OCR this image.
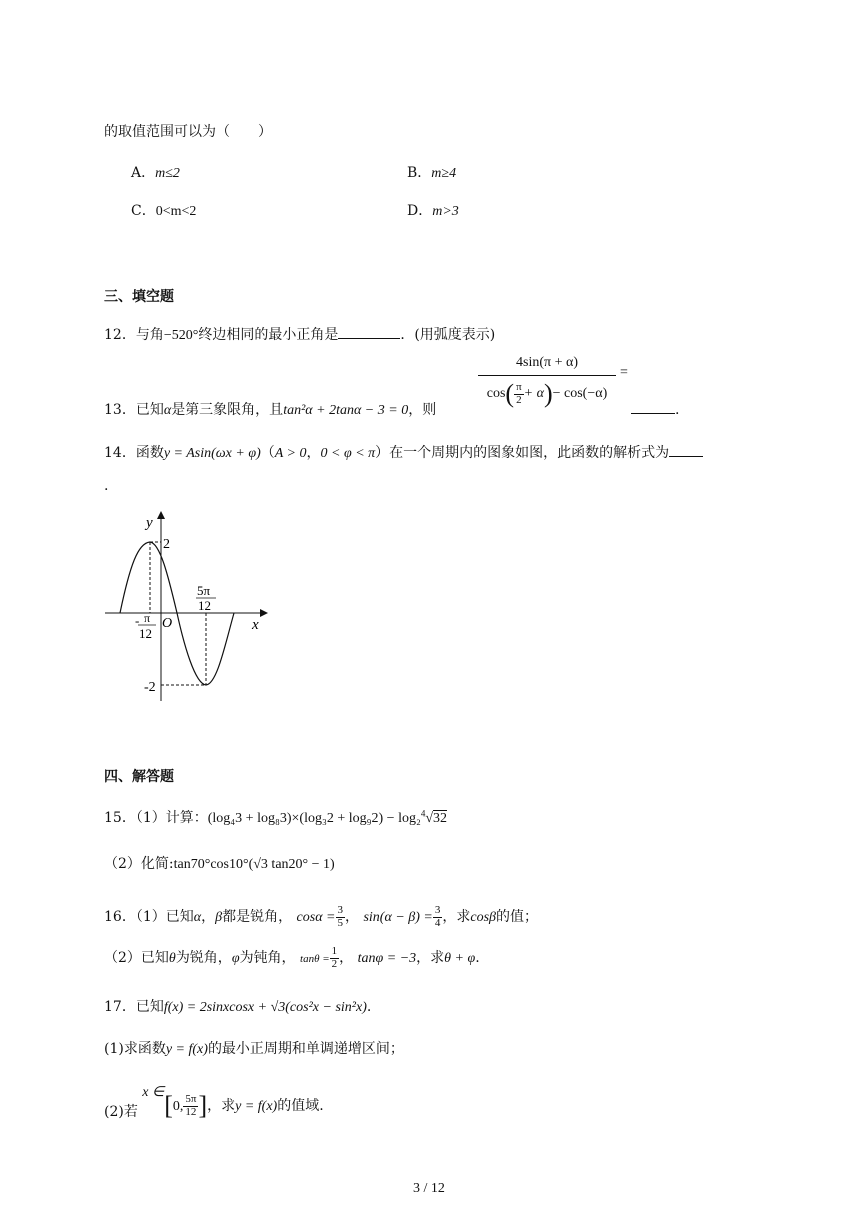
的取值范围可以为（　　）
A．m≤2	B．m≥4
C．0<m<2	D．m>3
三、填空题
12．与角−520°终边相同的最小正角是	．(用弧度表示)
13．已知α是第三象限角，且tan²α + 2tanα − 3 = 0，则
$\frac{4\sin(\pi + \alpha)}{\cos( \frac{\pi}{2} + \alpha)- \cos(-\alpha)}$ =
.
14．函数y = Asin(ωx + φ)（A > 0，0 < φ < π）在一个周期内的图象如图，此函数的解析式为
.
y
x
O
2
-2
- π
12
5π
12
四、解答题
15．（1）计算：(log₄3 + log₈3)×(log₃2 + log₉2) − log₂$^4$√32
（2）化简:tan70°cos10°(√3 tan20° − 1)
16．（1）已知α，β都是锐角， $\cos\alpha = \frac{3}{5}$ ， $\sin(\alpha - \beta) = \frac{3}{4}$ ，求cosβ的值；
（2）已知θ为锐角，φ为钝角， $\tan\theta = \frac{1}{2}$ ， tanφ = −3，求θ + φ.
17．已知f(x) = 2sinxcosx + √3(cos²x − sin²x).
(1)求函数y = f(x)的最小正周期和单调递增区间；
(2)若 x ∈[0, $\frac{5\pi}{12}$ ]，求y = f(x)的值域.
3 / 12
